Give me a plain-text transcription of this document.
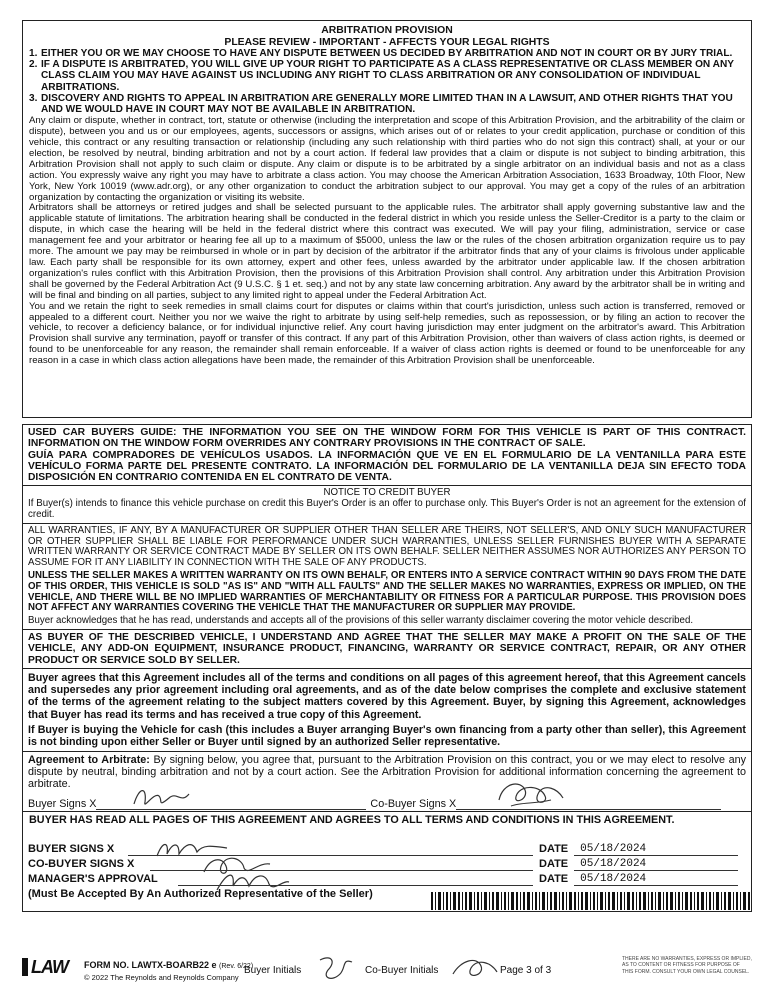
ARBITRATION PROVISION
PLEASE REVIEW - IMPORTANT - AFFECTS YOUR LEGAL RIGHTS
1. EITHER YOU OR WE MAY CHOOSE TO HAVE ANY DISPUTE BETWEEN US DECIDED BY ARBITRATION AND NOT IN COURT OR BY JURY TRIAL.
2. IF A DISPUTE IS ARBITRATED, YOU WILL GIVE UP YOUR RIGHT TO PARTICIPATE AS A CLASS REPRESENTATIVE OR CLASS MEMBER ON ANY CLASS CLAIM YOU MAY HAVE AGAINST US INCLUDING ANY RIGHT TO CLASS ARBITRATION OR ANY CONSOLIDATION OF INDIVIDUAL ARBITRATIONS.
3. DISCOVERY AND RIGHTS TO APPEAL IN ARBITRATION ARE GENERALLY MORE LIMITED THAN IN A LAWSUIT, AND OTHER RIGHTS THAT YOU AND WE WOULD HAVE IN COURT MAY NOT BE AVAILABLE IN ARBITRATION.
Any claim or dispute, whether in contract, tort, statute or otherwise (including the interpretation and scope of this Arbitration Provision, and the arbitrability of the claim or dispute), between you and us or our employees, agents, successors or assigns, which arises out of or relates to your credit application, purchase or condition of this vehicle, this contract or any resulting transaction or relationship (including any such relationship with third parties who do not sign this contract) shall, at your or our election, be resolved by neutral, binding arbitration and not by a court action. If federal law provides that a claim or dispute is not subject to binding arbitration, this Arbitration Provision shall not apply to such claim or dispute. Any claim or dispute is to be arbitrated by a single arbitrator on an individual basis and not as a class action. You expressly waive any right you may have to arbitrate a class action. You may choose the American Arbitration Association, 1633 Broadway, 10th Floor, New York, New York 10019 (www.adr.org), or any other organization to conduct the arbitration subject to our approval. You may get a copy of the rules of an arbitration organization by contacting the organization or visiting its website.
Arbitrators shall be attorneys or retired judges and shall be selected pursuant to the applicable rules. The arbitrator shall apply governing substantive law and the applicable statute of limitations. The arbitration hearing shall be conducted in the federal district in which you reside unless the Seller-Creditor is a party to the claim or dispute, in which case the hearing will be held in the federal district where this contract was executed. We will pay your filing, administration, service or case management fee and your arbitrator or hearing fee all up to a maximum of $5000, unless the law or the rules of the chosen arbitration organization require us to pay more. The amount we pay may be reimbursed in whole or in part by decision of the arbitrator if the arbitrator finds that any of your claims is frivolous under applicable law. Each party shall be responsible for its own attorney, expert and other fees, unless awarded by the arbitrator under applicable law. If the chosen arbitration organization's rules conflict with this Arbitration Provision, then the provisions of this Arbitration Provision shall control. Any arbitration under this Arbitration Provision shall be governed by the Federal Arbitration Act (9 U.S.C. § 1 et. seq.) and not by any state law concerning arbitration. Any award by the arbitrator shall be in writing and will be final and binding on all parties, subject to any limited right to appeal under the Federal Arbitration Act.
You and we retain the right to seek remedies in small claims court for disputes or claims within that court's jurisdiction, unless such action is transferred, removed or appealed to a different court. Neither you nor we waive the right to arbitrate by using self-help remedies, such as repossession, or by filing an action to recover the vehicle, to recover a deficiency balance, or for individual injunctive relief. Any court having jurisdiction may enter judgment on the arbitrator's award. This Arbitration Provision shall survive any termination, payoff or transfer of this contract. If any part of this Arbitration Provision, other than waivers of class action rights, is deemed or found to be unenforceable for any reason, the remainder shall remain enforceable. If a waiver of class action rights is deemed or found to be unenforceable for any reason in a case in which class action allegations have been made, the remainder of this Arbitration Provision shall be unenforceable.
USED CAR BUYERS GUIDE: THE INFORMATION YOU SEE ON THE WINDOW FORM FOR THIS VEHICLE IS PART OF THIS CONTRACT. INFORMATION ON THE WINDOW FORM OVERRIDES ANY CONTRARY PROVISIONS IN THE CONTRACT OF SALE.
GUÍA PARA COMPRADORES DE VEHÍCULOS USADOS. LA INFORMACIÓN QUE VE EN EL FORMULARIO DE LA VENTANILLA PARA ESTE VEHÍCULO FORMA PARTE DEL PRESENTE CONTRATO. LA INFORMACIÓN DEL FORMULARIO DE LA VENTANILLA DEJA SIN EFECTO TODA DISPOSICIÓN EN CONTRARIO CONTENIDA EN EL CONTRATO DE VENTA.
NOTICE TO CREDIT BUYER
If Buyer(s) intends to finance this vehicle purchase on credit this Buyer's Order is an offer to purchase only. This Buyer's Order is not an agreement for the extension of credit.
ALL WARRANTIES, IF ANY, BY A MANUFACTURER OR SUPPLIER OTHER THAN SELLER ARE THEIRS, NOT SELLER'S, AND ONLY SUCH MANUFACTURER OR OTHER SUPPLIER SHALL BE LIABLE FOR PERFORMANCE UNDER SUCH WARRANTIES, UNLESS SELLER FURNISHES BUYER WITH A SEPARATE WRITTEN WARRANTY OR SERVICE CONTRACT MADE BY SELLER ON ITS OWN BEHALF. SELLER NEITHER ASSUMES NOR AUTHORIZES ANY PERSON TO ASSUME FOR IT ANY LIABILITY IN CONNECTION WITH THE SALE OF ANY PRODUCTS.
UNLESS THE SELLER MAKES A WRITTEN WARRANTY ON ITS OWN BEHALF, OR ENTERS INTO A SERVICE CONTRACT WITHIN 90 DAYS FROM THE DATE OF THIS ORDER, THIS VEHICLE IS SOLD "AS IS" AND "WITH ALL FAULTS" AND THE SELLER MAKES NO WARRANTIES, EXPRESS OR IMPLIED, ON THE VEHICLE, AND THERE WILL BE NO IMPLIED WARRANTIES OF MERCHANTABILITY OR FITNESS FOR A PARTICULAR PURPOSE. THIS PROVISION DOES NOT AFFECT ANY WARRANTIES COVERING THE VEHICLE THAT THE MANUFACTURER OR SUPPLIER MAY PROVIDE.
Buyer acknowledges that he has read, understands and accepts all of the provisions of this seller warranty disclaimer covering the motor vehicle described.
AS BUYER OF THE DESCRIBED VEHICLE, I UNDERSTAND AND AGREE THAT THE SELLER MAY MAKE A PROFIT ON THE SALE OF THE VEHICLE, ANY ADD-ON EQUIPMENT, INSURANCE PRODUCT, FINANCING, WARRANTY OR SERVICE CONTRACT, REPAIR, OR ANY OTHER PRODUCT OR SERVICE SOLD BY SELLER.
Buyer agrees that this Agreement includes all of the terms and conditions on all pages of this agreement hereof, that this Agreement cancels and supersedes any prior agreement including oral agreements, and as of the date below comprises the complete and exclusive statement of the terms of the agreement relating to the subject matters covered by this Agreement. Buyer, by signing this Agreement, acknowledges that Buyer has read its terms and has received a true copy of this Agreement.
If Buyer is buying the Vehicle for cash (this includes a Buyer arranging Buyer's own financing from a party other than seller), this Agreement is not binding upon either Seller or Buyer until signed by an authorized Seller representative.
Agreement to Arbitrate: By signing below, you agree that, pursuant to the Arbitration Provision on this contract, you or we may elect to resolve any dispute by neutral, binding arbitration and not by a court action. See the Arbitration Provision for additional information concerning the agreement to arbitrate.
Buyer Signs X	Co-Buyer Signs X
BUYER HAS READ ALL PAGES OF THIS AGREEMENT AND AGREES TO ALL TERMS AND CONDITIONS IN THIS AGREEMENT.
BUYER SIGNS X	DATE	05/18/2024
CO-BUYER SIGNS X	DATE	05/18/2024
MANAGER'S APPROVAL	DATE	05/18/2024
(Must Be Accepted By An Authorized Representative of the Seller)
LAW FORM NO. LAWTX-BOARB22 e (Rev. 6/22)
© 2022 The Reynolds and Reynolds Company
Buyer Initials	Co-Buyer Initials	Page 3 of 3
THERE ARE NO WARRANTIES, EXPRESS OR IMPLIED, AS TO CONTENT OR FITNESS FOR PURPOSE OF THIS FORM. CONSULT YOUR OWN LEGAL COUNSEL.
